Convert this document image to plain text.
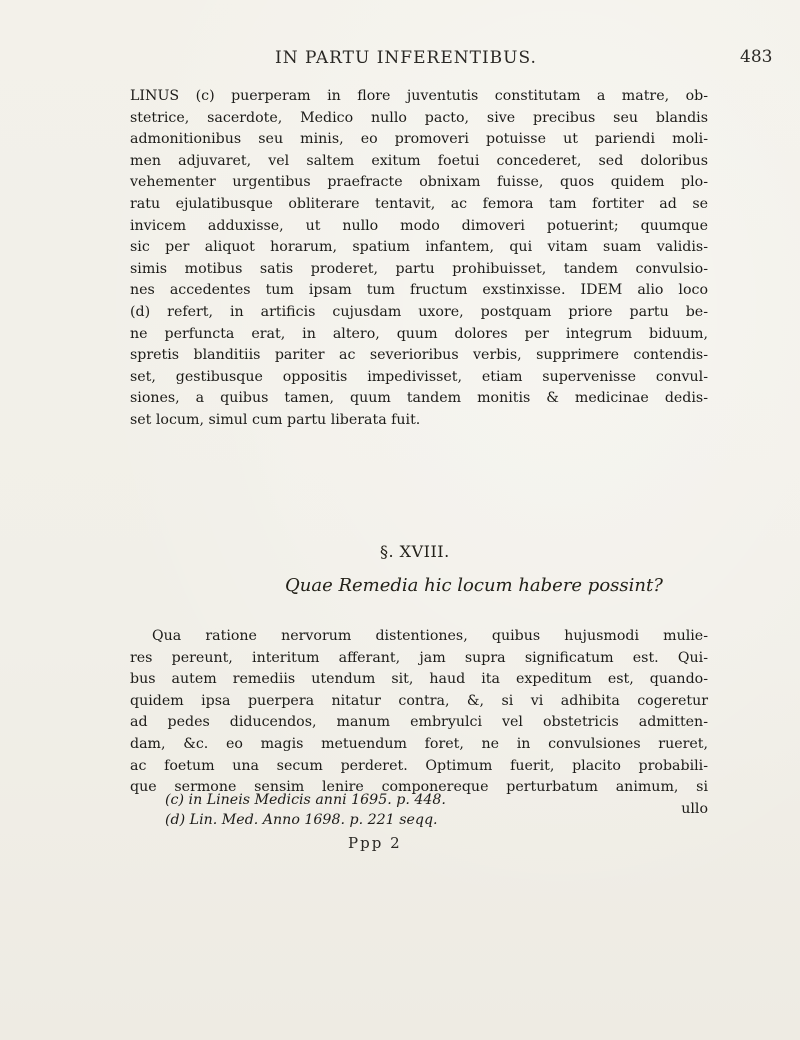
IN PARTU INFERENTIBUS.	483
LINUS (c) puerperam in flore juventutis constitutam a matre, ob-
stetrice, sacerdote, Medico nullo pacto, sive precibus seu blandis
admonitionibus seu minis, eo promoveri potuisse ut pariendi moli-
men adjuvaret, vel saltem exitum foetui concederet, sed doloribus
vehementer urgentibus praefracte obnixam fuisse, quos quidem plo-
ratu ejulatibusque obliterare tentavit, ac femora tam fortiter ad se
invicem adduxisse, ut nullo modo dimoveri potuerint; quumque
sic per aliquot horarum, spatium infantem, qui vitam suam validis-
simis motibus satis proderet, partu prohibuisset, tandem convulsio-
nes accedentes tum ipsam tum fructum exstinxisse. IDEM alio loco
(d) refert, in artificis cujusdam uxore, postquam priore partu be-
ne perfuncta erat, in altero, quum dolores per integrum biduum,
spretis blanditiis pariter ac severioribus verbis, supprimere contendis-
set, gestibusque oppositis impedivisset, etiam supervenisse convul-
siones, a quibus tamen, quum tandem monitis & medicinae dedis-
set locum, simul cum partu liberata fuit.
§. XVIII.
Quae Remedia hic locum habere possint?
Qua ratione nervorum distentiones, quibus hujusmodi mulie-
res pereunt, interitum afferant, jam supra significatum est. Qui-
bus autem remediis utendum sit, haud ita expeditum est, quando-
quidem ipsa puerpera nitatur contra, &, si vi adhibita cogeretur
ad pedes diducendos, manum embryulci vel obstetricis admitten-
dam, &c. eo magis metuendum foret, ne in convulsiones rueret,
ac foetum una secum perderet. Optimum fuerit, placito probabili-
que sermone sensim lenire componereque perturbatum animum, si
ullo
(c) in Lineis Medicis anni 1695. p. 448.
(d) Lin. Med. Anno 1698. p. 221 seqq.
Ppp 2
